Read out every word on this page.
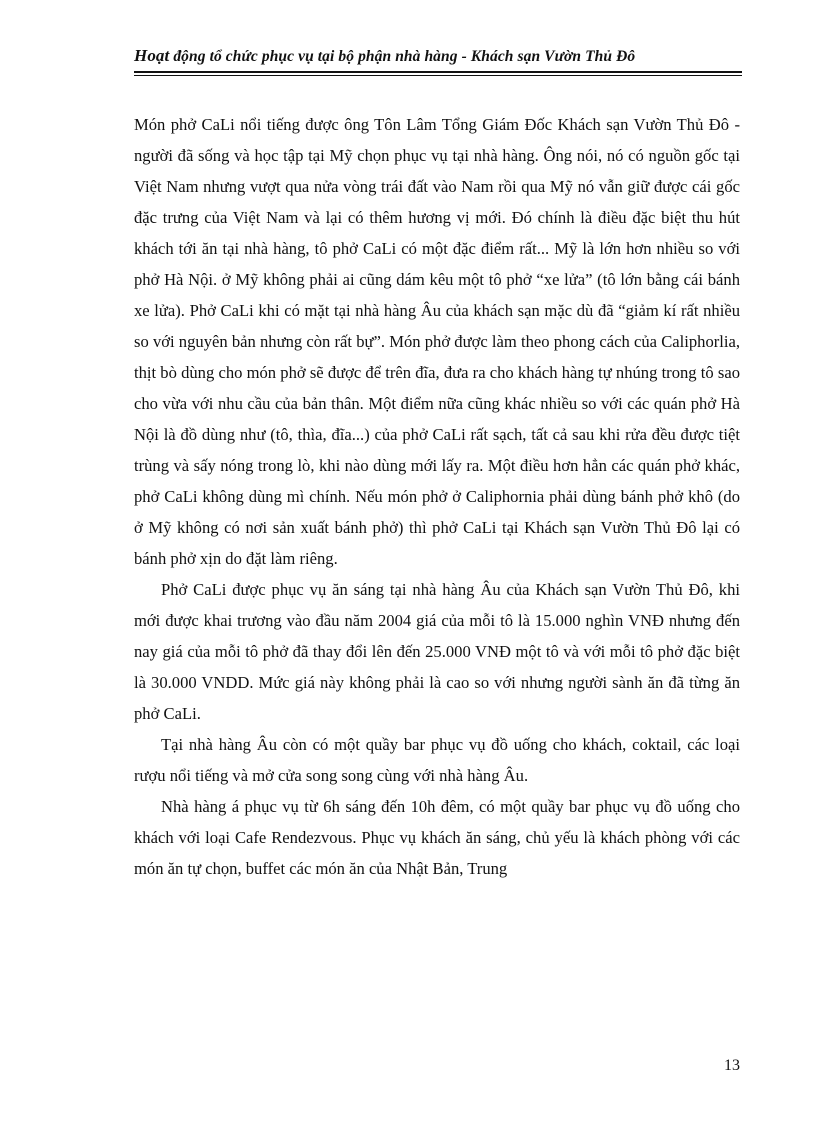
Hoạt động tổ chức phục vụ tại bộ phận nhà hàng - Khách sạn Vườn Thủ Đô

Món phở CaLi nổi tiếng được ông Tôn Lâm Tổng Giám Đốc Khách sạn Vườn Thủ Đô - người đã sống và học tập tại Mỹ chọn phục vụ tại nhà hàng. Ông nói, nó có nguồn gốc tại Việt Nam nhưng vượt qua nửa vòng trái đất vào Nam rồi qua Mỹ nó vẫn giữ được cái gốc đặc trưng của Việt Nam và lại có thêm hương vị mới. Đó chính là điều đặc biệt thu hút khách tới ăn tại nhà hàng, tô phở CaLi có một đặc điểm rất... Mỹ là lớn hơn nhiều so với phở Hà Nội. ở Mỹ không phải ai cũng dám kêu một tô phở “xe lửa” (tô lớn bằng cái bánh xe lửa). Phở CaLi khi có mặt tại nhà hàng Âu của khách sạn mặc dù đã “giảm kí rất nhiều so với nguyên bản nhưng còn rất bự”. Món phở được làm theo phong cách của Caliphorlia, thịt bò dùng cho món phở sẽ được để trên đĩa, đưa ra cho khách hàng tự nhúng trong tô sao cho vừa với nhu cầu của bản thân. Một điểm nữa cũng khác nhiều so với các quán phở Hà Nội là đồ dùng như (tô, thìa, đĩa...) của phở CaLi rất sạch, tất cả sau khi rửa đều được tiệt trùng và sấy nóng trong lò, khi nào dùng mới lấy ra. Một điều hơn hẳn các quán phở khác, phở CaLi không dùng mì chính. Nếu món phở ở Caliphornia phải dùng bánh phở khô (do ở Mỹ không có nơi sản xuất bánh phở) thì phở CaLi tại Khách sạn Vườn Thủ Đô lại có bánh phở xịn do đặt làm riêng.

Phở CaLi được phục vụ ăn sáng tại nhà hàng Âu của Khách sạn Vườn Thủ Đô, khi mới được khai trương vào đầu năm 2004 giá của mỗi tô là 15.000 nghìn VNĐ nhưng đến nay giá của mỗi tô phở đã thay đổi lên đến 25.000 VNĐ một tô và với mỗi tô phở đặc biệt là 30.000 VNDD. Mức giá này không phải là cao so với nhưng người sành ăn đã từng ăn phở CaLi.

Tại nhà hàng Âu còn có một quầy bar phục vụ đồ uống cho khách, coktail, các loại rượu nổi tiếng và mở cửa song song cùng với nhà hàng Âu.

Nhà hàng á phục vụ từ 6h sáng đến 10h đêm, có một quầy bar phục vụ đồ uống cho khách với loại Cafe Rendezvous. Phục vụ khách ăn sáng, chủ yếu là khách phòng với các món ăn tự chọn, buffet các món ăn của Nhật Bản, Trung

13
